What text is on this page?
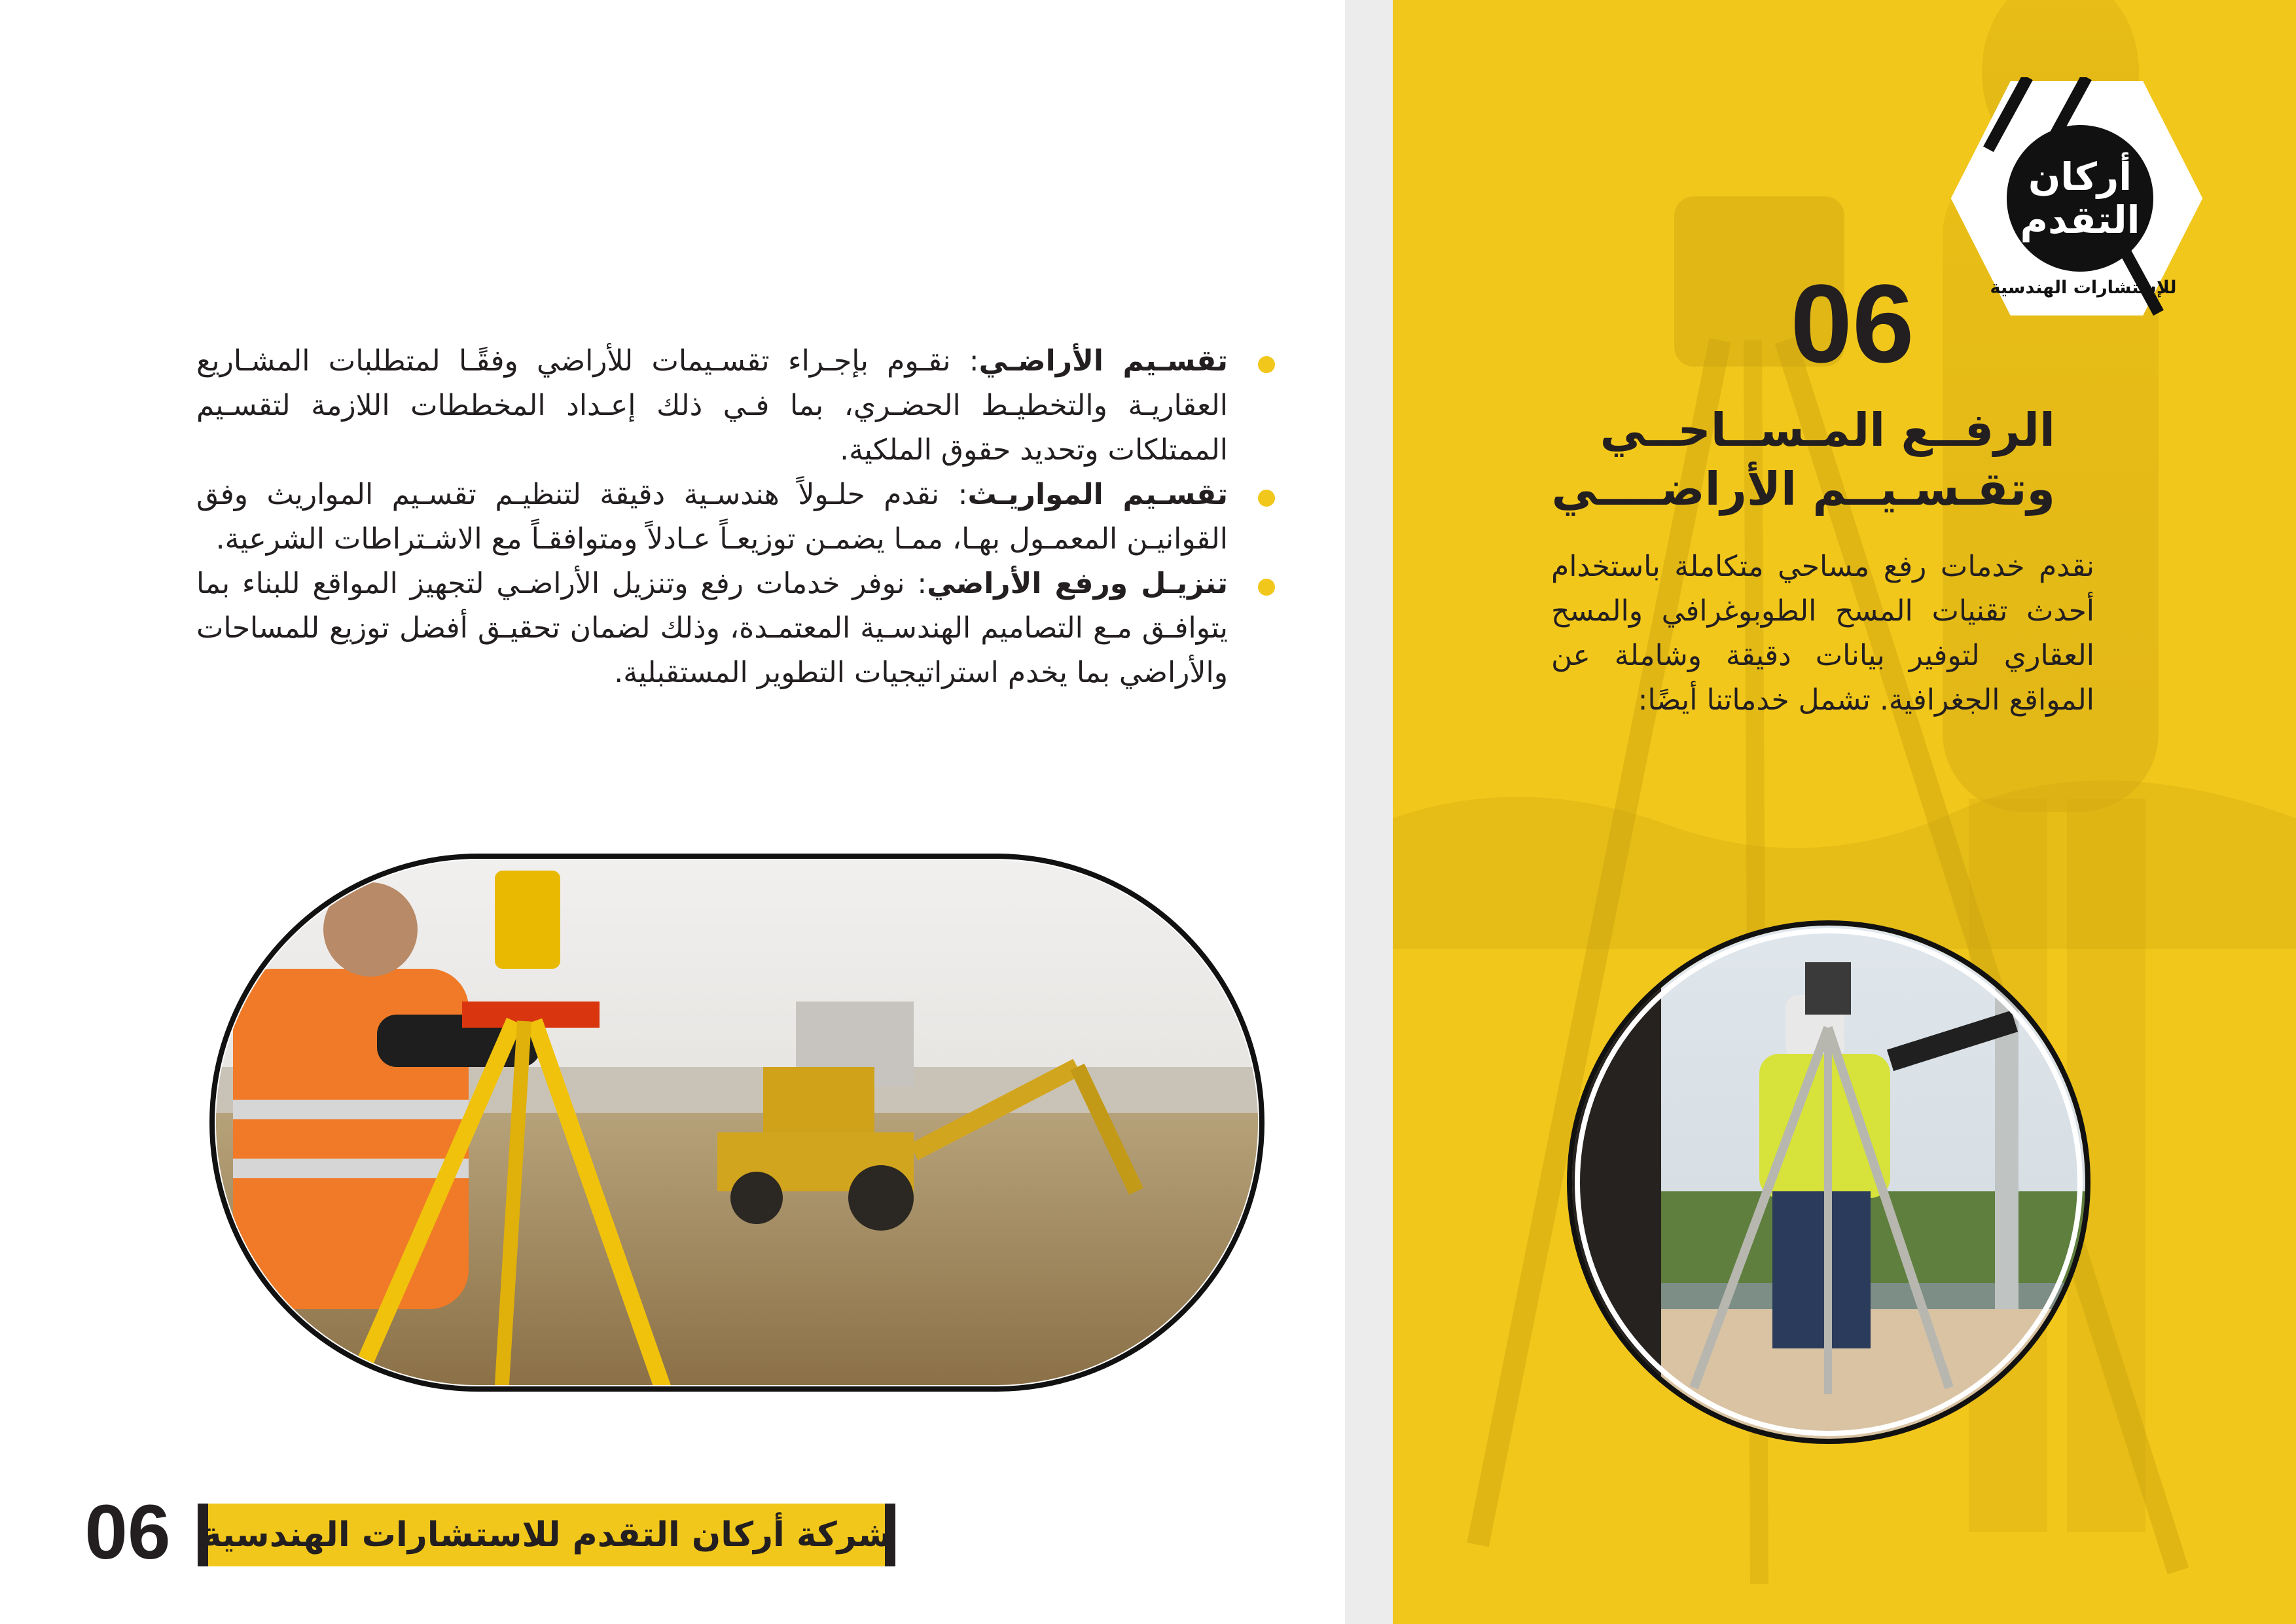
أركان
التقدم
للإستشارات الهندسية
06
الرفــع المـســاحــي
وتقـسـيــم الأراضــــي
نقدم خدمات رفع مساحي متكاملة باستخدام أحدث تقنيات المسح الطوبوغرافي والمسح العقاري لتوفير بيانات دقيقة وشاملة عن المواقع الجغرافية. تشمل خدماتنا أيضًا:
تقسـيم الأراضـي: نقـوم بإجـراء تقسـيمات للأراضي وفقًـا لمتطلبات المشـاريع العقاريـة والتخطيـط الحضـري، بما فـي ذلك إعـداد المخططات اللازمة لتقسـيم الممتلكات وتحديد حقوق الملكية.
تقسـيم المواريـث: نقدم حلـولاً هندسـية دقيقة لتنظيـم تقسـيم المواريث وفق القوانيـن المعمـول بهـا، ممـا يضمـن توزيعـاً عـادلاً ومتوافقـاً مع الاشـتراطات الشرعية.
تنزيـل ورفع الأراضي: نوفر خدمات رفع وتنزيل الأراضـي لتجهيز المواقع للبناء بما يتوافـق مـع التصاميم الهندسـية المعتمـدة، وذلك لضمان تحقيـق أفضل توزيع للمساحات والأراضي بما يخدم استراتيجيات التطوير المستقبلية.
06 شركة أركان التقدم للاستشارات الهندسية
